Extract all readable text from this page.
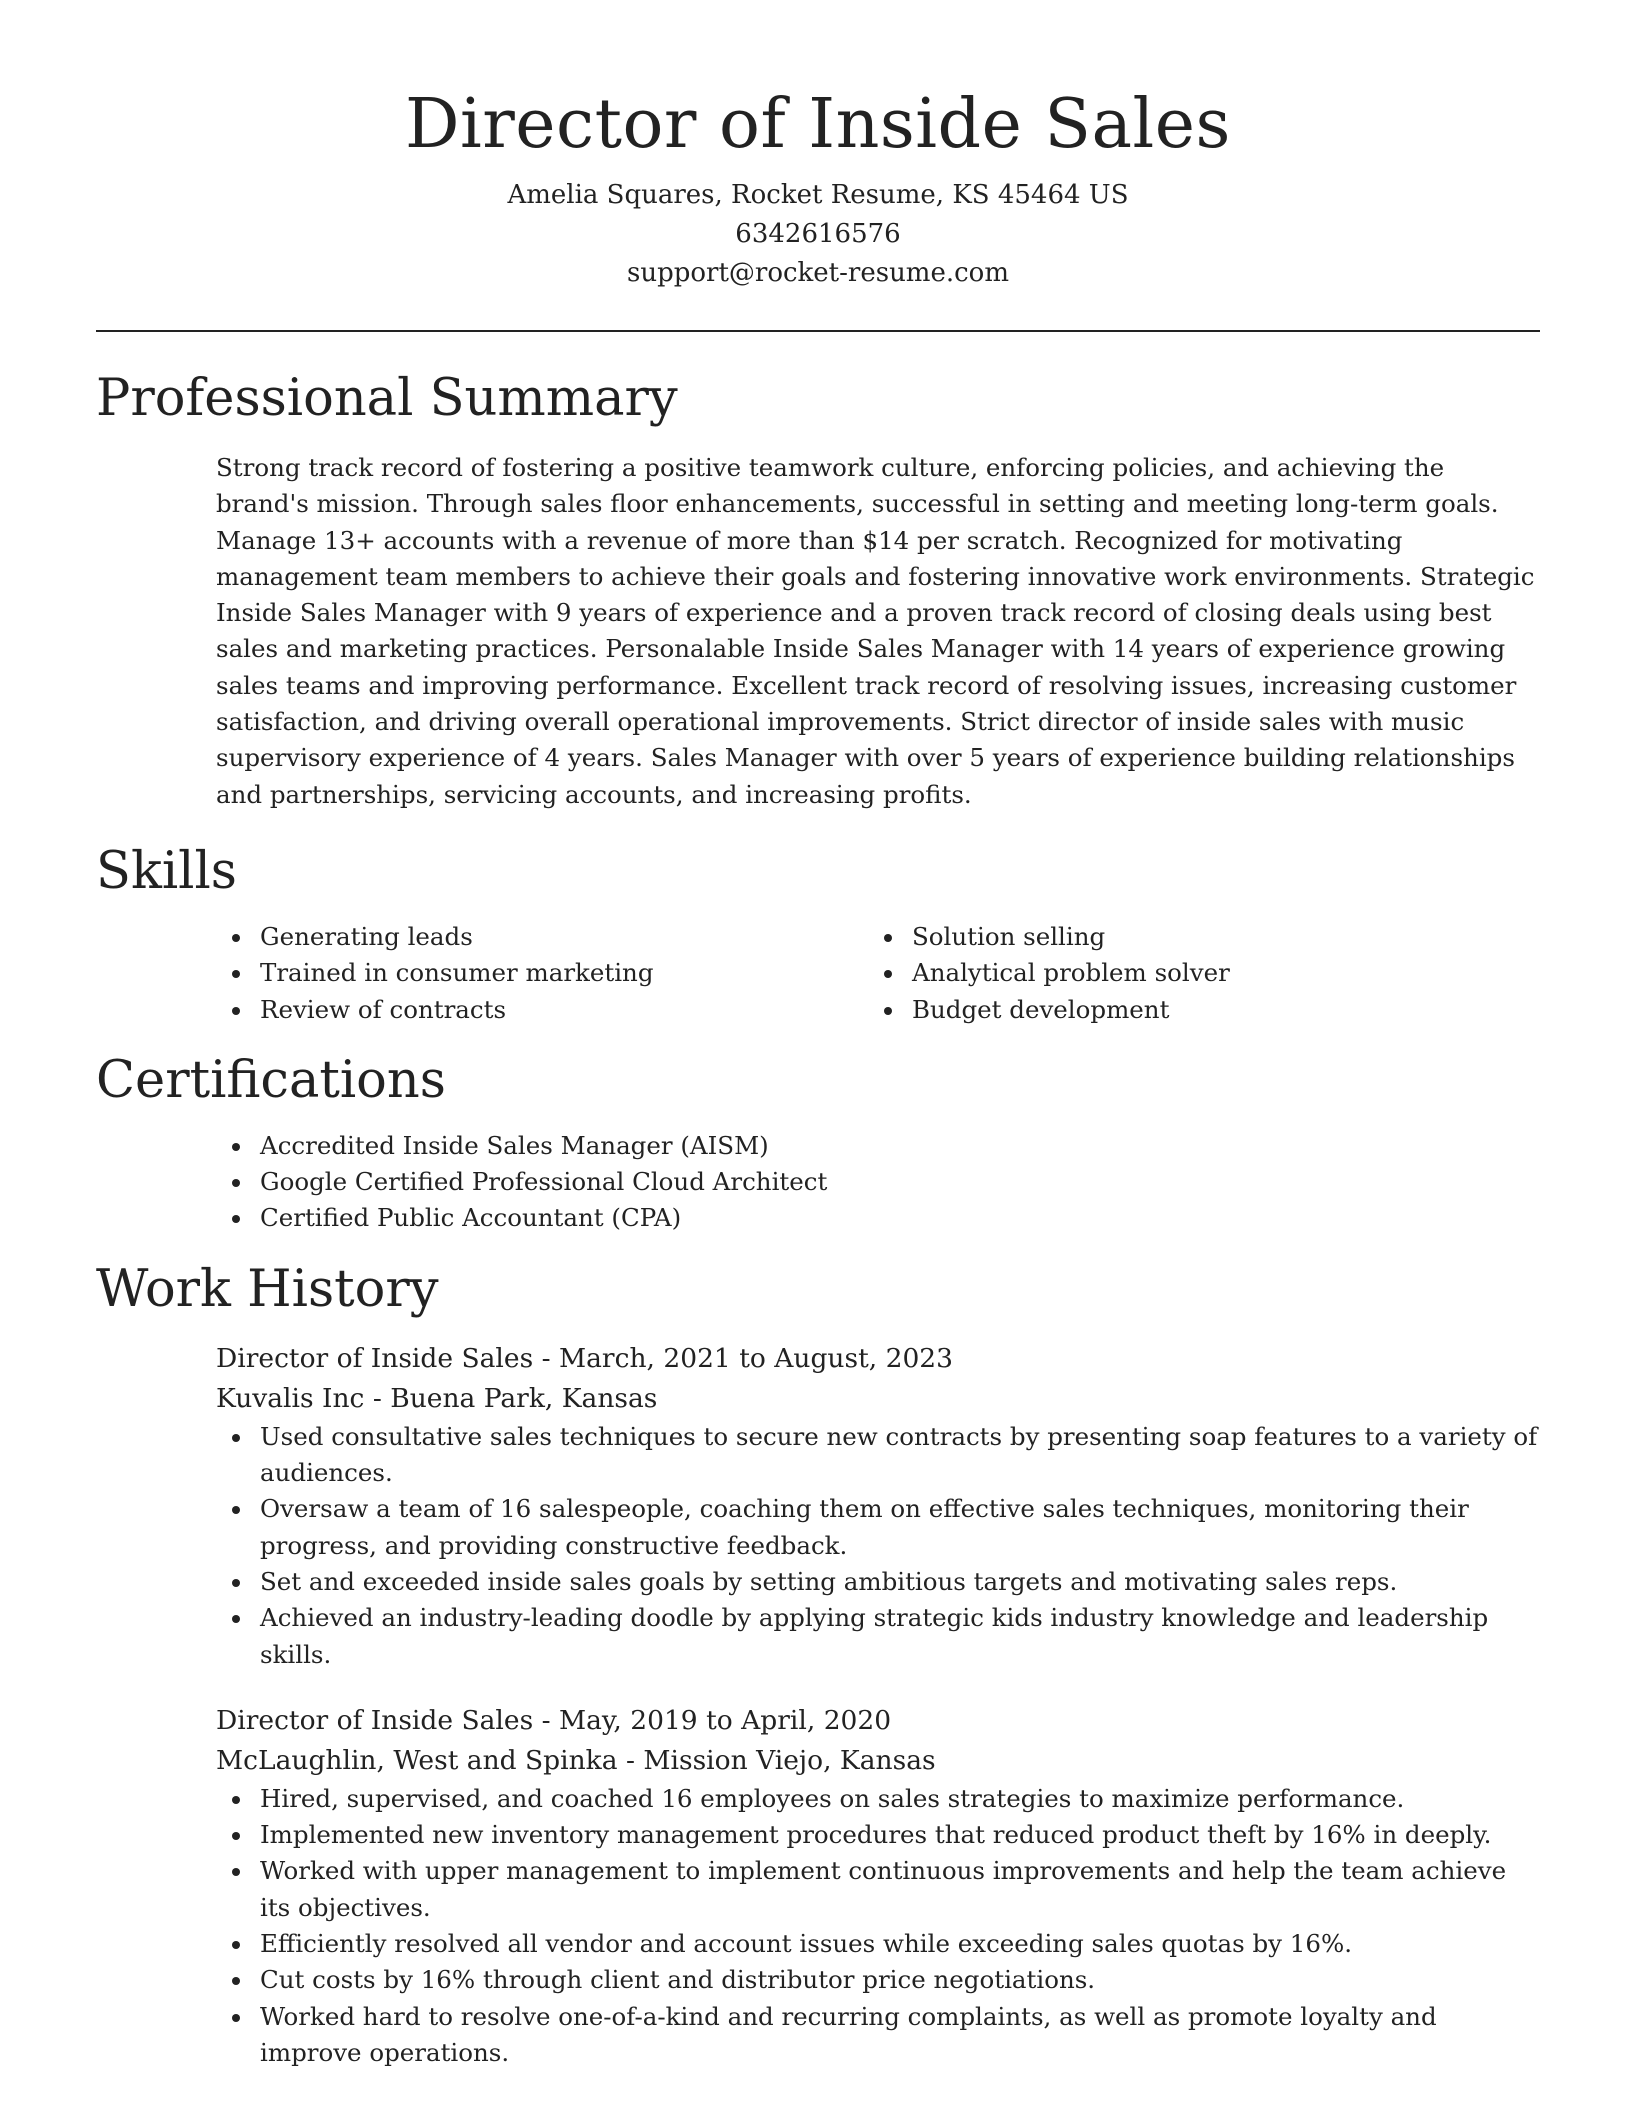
Director of Inside Sales
Amelia Squares, Rocket Resume, KS 45464 US
6342616576
support@rocket-resume.com
Professional Summary

Strong track record of fostering a positive teamwork culture, enforcing policies, and achieving the brand's mission. Through sales floor enhancements, successful in setting and meeting long-term goals. Manage 13+ accounts with a revenue of more than $14 per scratch. Recognized for motivating management team members to achieve their goals and fostering innovative work environments. Strategic Inside Sales Manager with 9 years of experience and a proven track record of closing deals using best sales and marketing practices. Personalable Inside Sales Manager with 14 years of experience growing sales teams and improving performance. Excellent track record of resolving issues, increasing customer satisfaction, and driving overall operational improvements. Strict director of inside sales with music supervisory experience of 4 years. Sales Manager with over 5 years of experience building relationships and partnerships, servicing accounts, and increasing profits.

Skills
Generating leads
Trained in consumer marketing
Review of contracts
Solution selling
Analytical problem solver
Budget development
Certifications
Accredited Inside Sales Manager (AISM)
Google Certified Professional Cloud Architect
Certified Public Accountant (CPA)
Work History
Director of Inside Sales - March, 2021 to August, 2023
Kuvalis Inc - Buena Park, Kansas
Used consultative sales techniques to secure new contracts by presenting soap features to a variety of audiences.
Oversaw a team of 16 salespeople, coaching them on effective sales techniques, monitoring their progress, and providing constructive feedback.
Set and exceeded inside sales goals by setting ambitious targets and motivating sales reps.
Achieved an industry-leading doodle by applying strategic kids industry knowledge and leadership skills.
Director of Inside Sales - May, 2019 to April, 2020
McLaughlin, West and Spinka - Mission Viejo, Kansas
Hired, supervised, and coached 16 employees on sales strategies to maximize performance.
Implemented new inventory management procedures that reduced product theft by 16% in deeply.
Worked with upper management to implement continuous improvements and help the team achieve its objectives.
Efficiently resolved all vendor and account issues while exceeding sales quotas by 16%.
Cut costs by 16% through client and distributor price negotiations.
Worked hard to resolve one-of-a-kind and recurring complaints, as well as promote loyalty and improve operations.
